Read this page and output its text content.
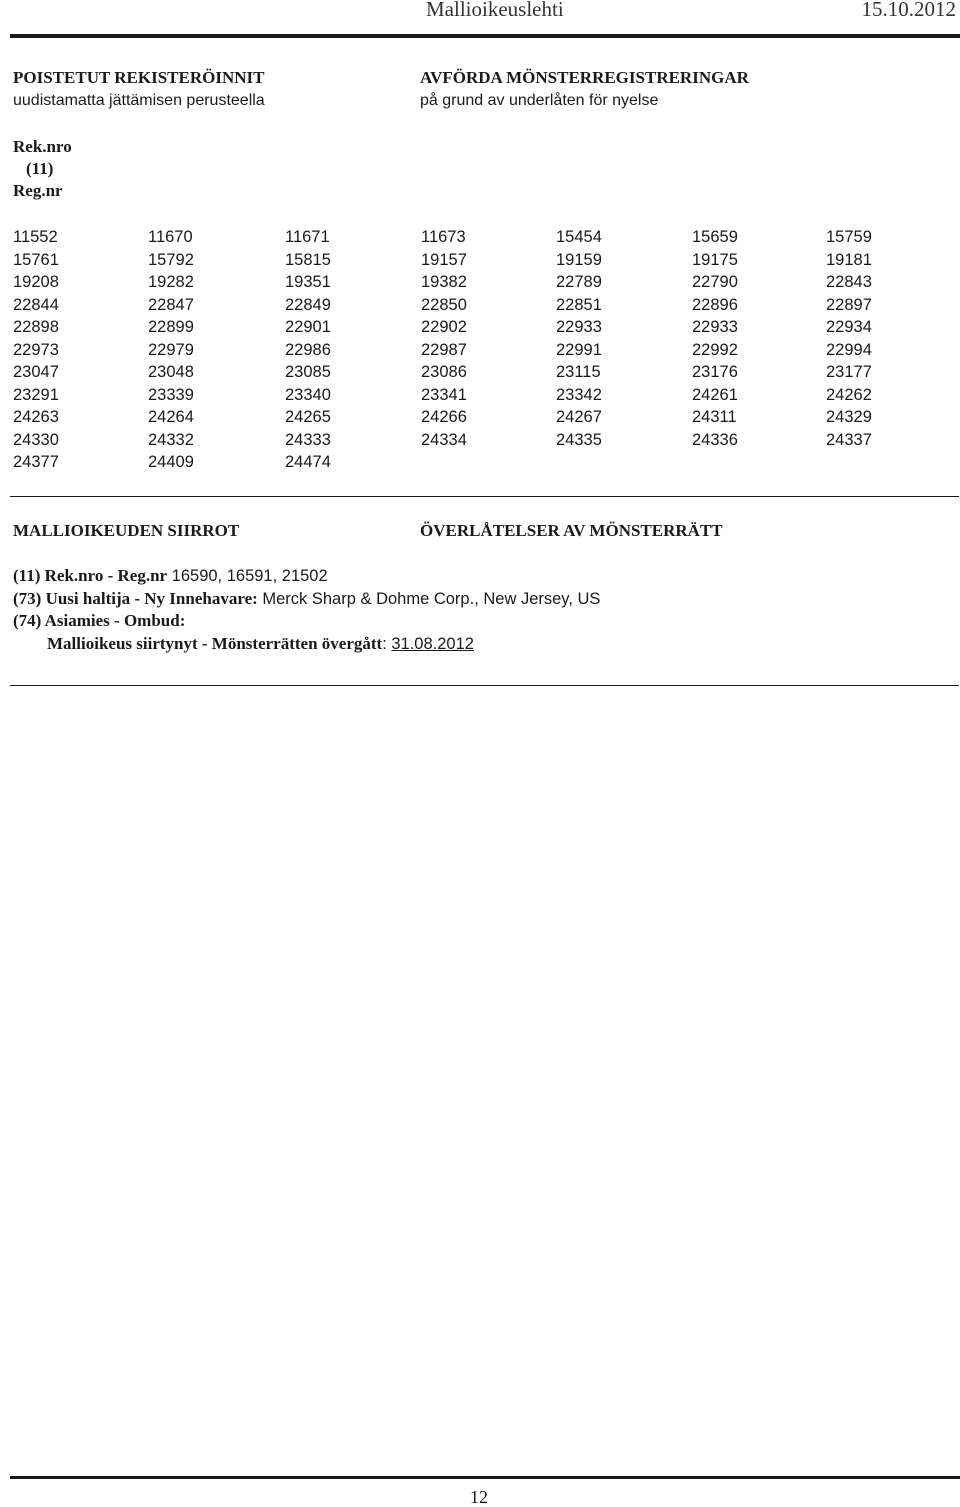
Mallioikeuslehti	15.10.2012
POISTETUT REKISTERÖINNIT
uudistamatta jättämisen perusteella
AVFÖRDA MÖNSTERREGISTRERINGAR
på grund av underlåten för nyelse
Rek.nro
(11)
Reg.nr
11552	11670	11671	11673	15454	15659	15759
15761	15792	15815	19157	19159	19175	19181
19208	19282	19351	19382	22789	22790	22843
22844	22847	22849	22850	22851	22896	22897
22898	22899	22901	22902	22933	22933	22934
22973	22979	22986	22987	22991	22992	22994
23047	23048	23085	23086	23115	23176	23177
23291	23339	23340	23341	23342	24261	24262
24263	24264	24265	24266	24267	24311	24329
24330	24332	24333	24334	24335	24336	24337
24377	24409	24474
MALLIOIKEUDEN SIIRROT	ÖVERLÅTELSER AV MÖNSTERRÄTT
(11) Rek.nro - Reg.nr 16590, 16591, 21502
(73) Uusi haltija - Ny Innehavare: Merck Sharp & Dohme Corp., New Jersey, US
(74) Asiamies - Ombud:
Mallioikeus siirtynyt - Mönsterrätten övergått: 31.08.2012
12
